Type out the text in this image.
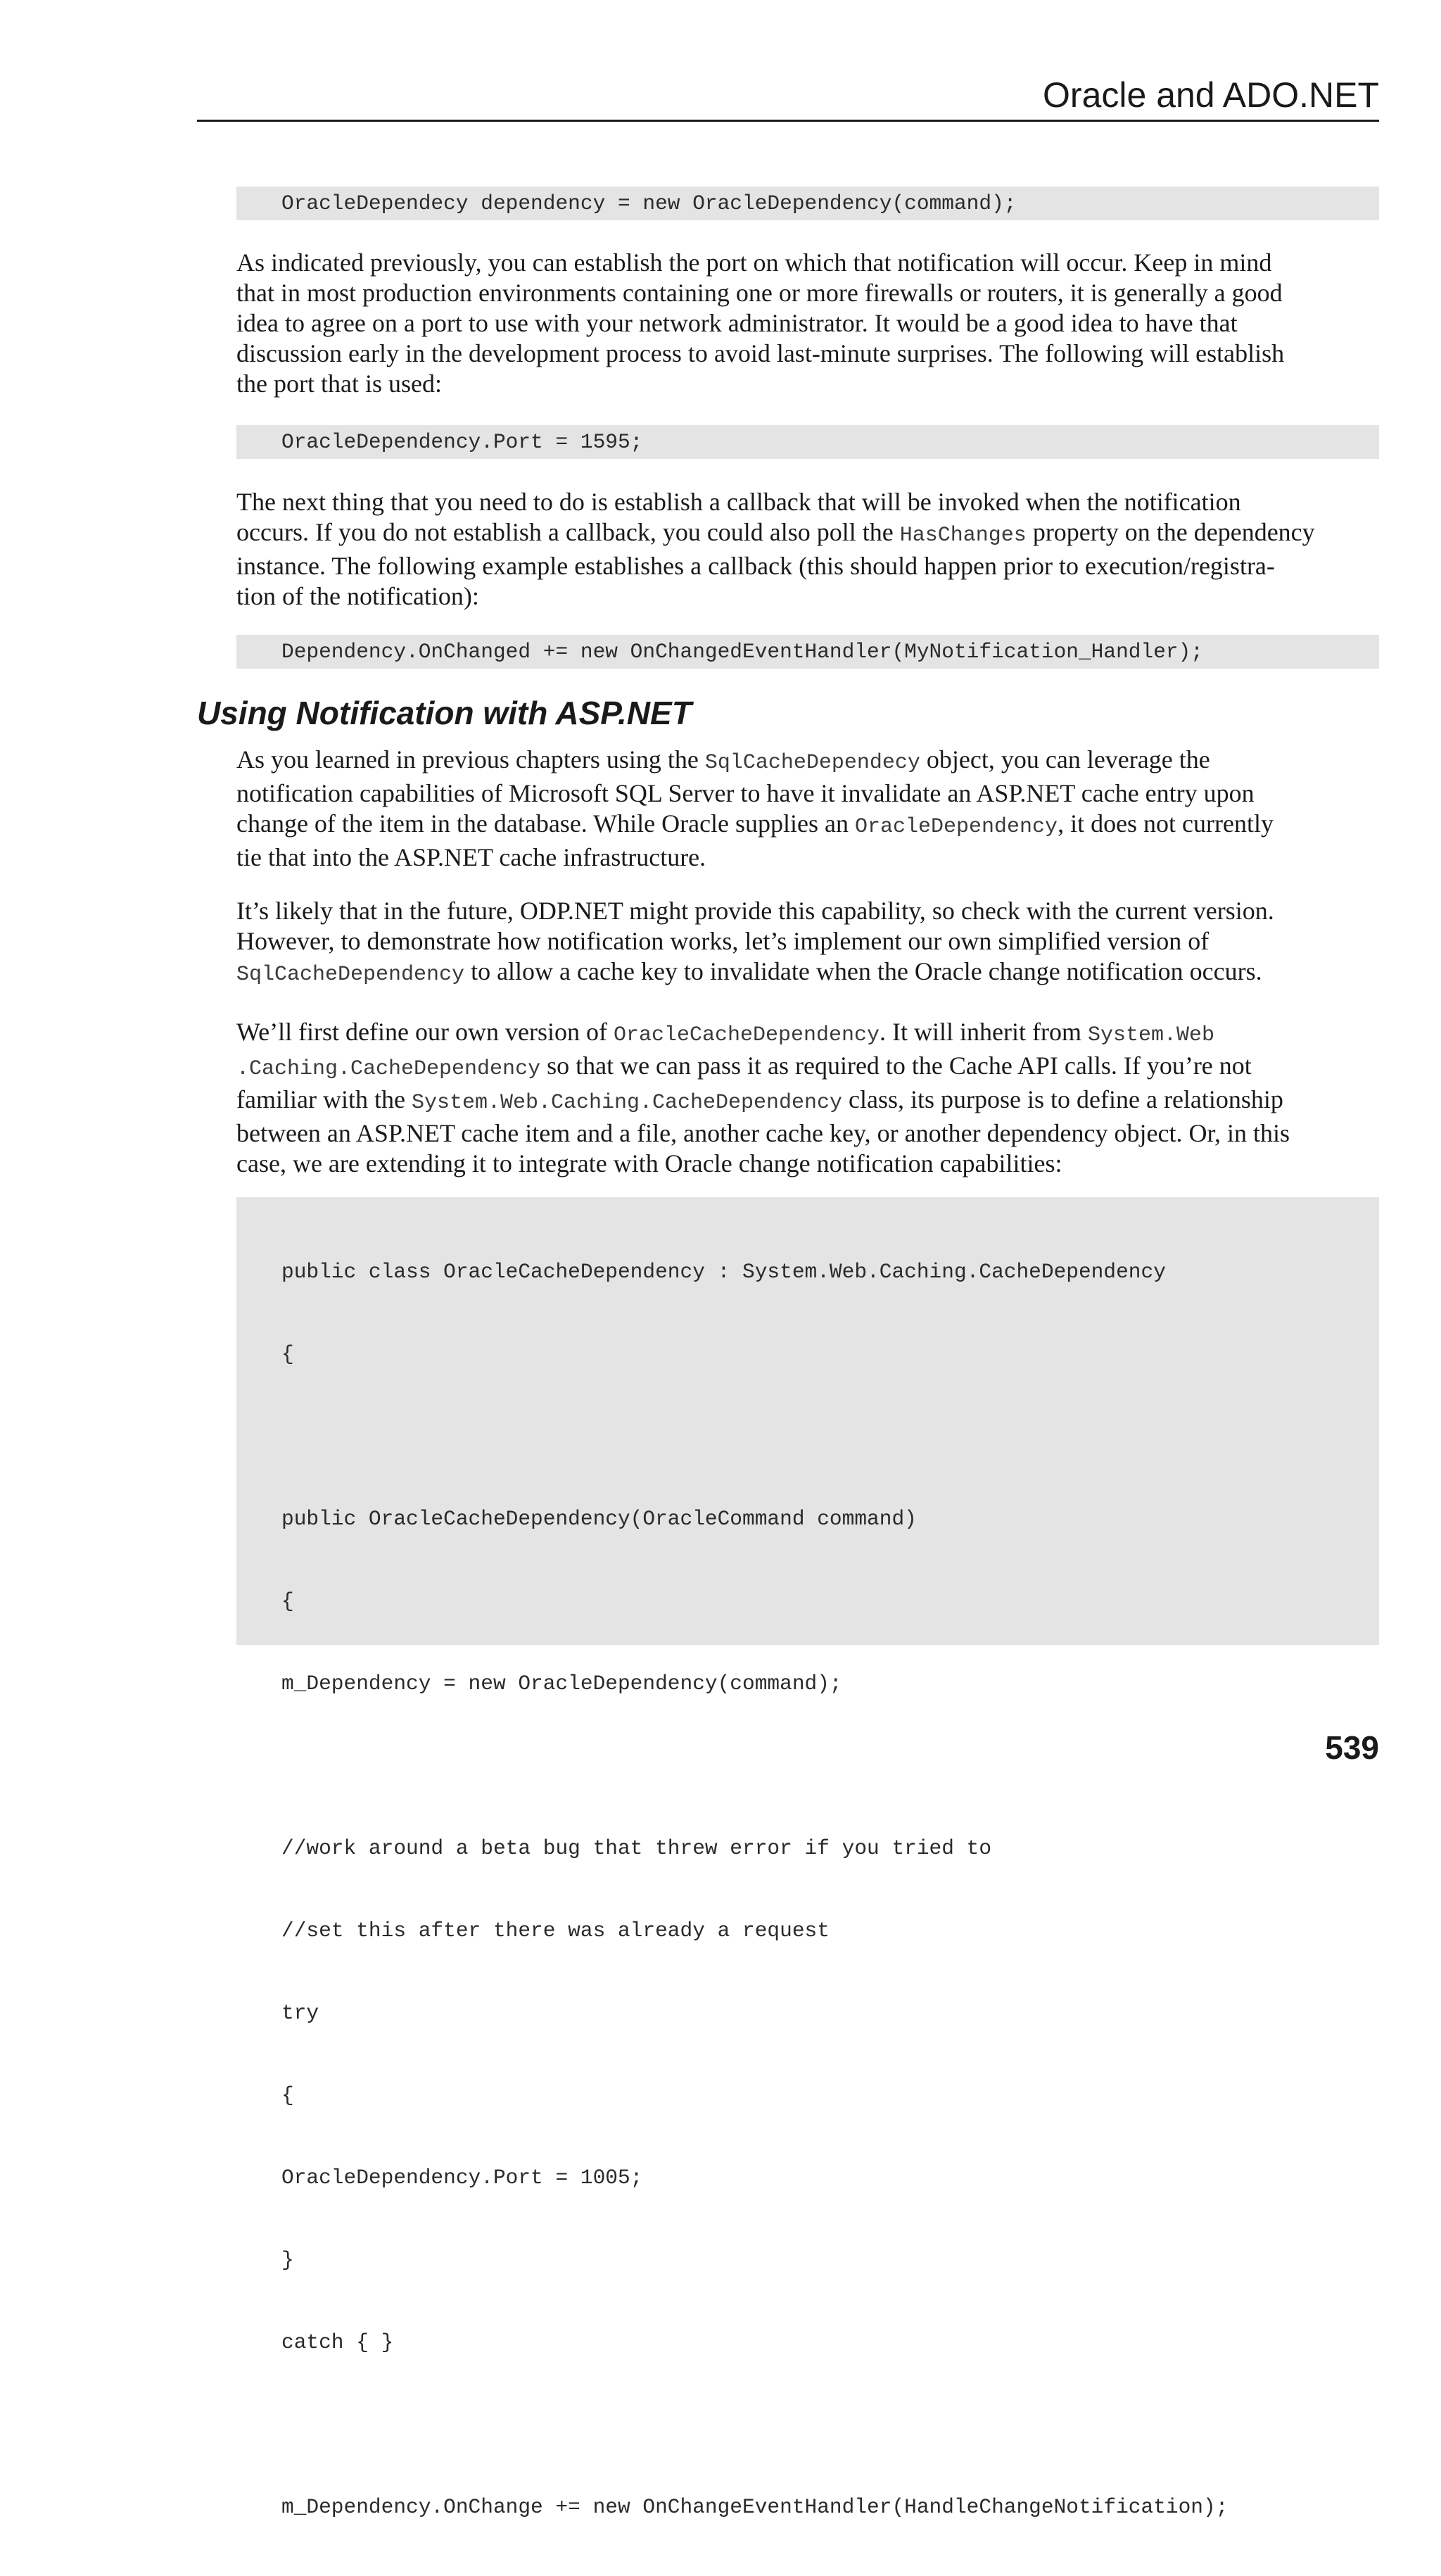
Oracle and ADO.NET
OracleDependecy dependency = new OracleDependency(command);
As indicated previously, you can establish the port on which that notification will occur. Keep in mind
that in most production environments containing one or more firewalls or routers, it is generally a good
idea to agree on a port to use with your network administrator. It would be a good idea to have that
discussion early in the development process to avoid last-minute surprises. The following will establish
the port that is used:
OracleDependency.Port = 1595;
The next thing that you need to do is establish a callback that will be invoked when the notification
occurs. If you do not establish a callback, you could also poll the HasChanges property on the dependency
instance. The following example establishes a callback (this should happen prior to execution/registra-
tion of the notification):
Dependency.OnChanged += new OnChangedEventHandler(MyNotification_Handler);
Using Notification with ASP.NET
As you learned in previous chapters using the SqlCacheDependecy object, you can leverage the
notification capabilities of Microsoft SQL Server to have it invalidate an ASP.NET cache entry upon
change of the item in the database. While Oracle supplies an OracleDependency, it does not currently
tie that into the ASP.NET cache infrastructure.
It’s likely that in the future, ODP.NET might provide this capability, so check with the current version.
However, to demonstrate how notification works, let’s implement our own simplified version of
SqlCacheDependency to allow a cache key to invalidate when the Oracle change notification occurs.
We’ll first define our own version of OracleCacheDependency. It will inherit from System.Web
.Caching.CacheDependency so that we can pass it as required to the Cache API calls. If you’re not
familiar with the System.Web.Caching.CacheDependency class, its purpose is to define a relationship
between an ASP.NET cache item and a file, another cache key, or another dependency object. Or, in this
case, we are extending it to integrate with Oracle change notification capabilities:

public class OracleCacheDependency : System.Web.Caching.CacheDependency

{

public OracleCacheDependency(OracleCommand command)

{

m_Dependency = new OracleDependency(command);

//work around a beta bug that threw error if you tried to

//set this after there was already a request

try

{

OracleDependency.Port = 1005;

}

catch { }

m_Dependency.OnChange += new OnChangeEventHandler(HandleChangeNotification);

539
